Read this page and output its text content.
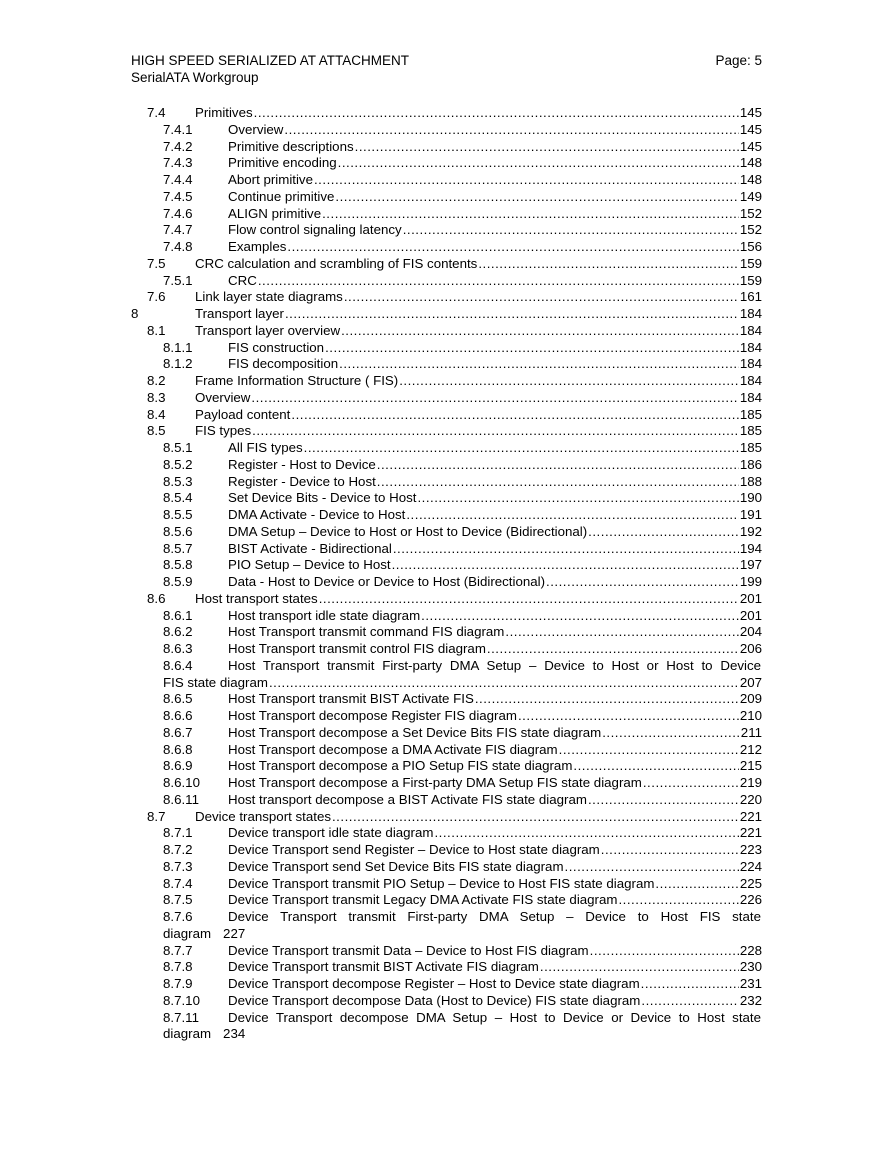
HIGH SPEED SERIALIZED AT ATTACHMENT	Page: 5
SerialATA Workgroup
7.4 Primitives .....	145
7.4.1	Overview .....	145
7.4.2	Primitive descriptions .....	145
7.4.3	Primitive encoding .....	148
7.4.4	Abort primitive .....	148
7.4.5	Continue primitive .....	149
7.4.6	ALIGN primitive .....	152
7.4.7	Flow control signaling latency .....	152
7.4.8	Examples .....	156
7.5 CRC calculation and scrambling of FIS contents .....	159
7.5.1	CRC .....	159
7.6 Link layer state diagrams .....	161
8	Transport layer .....	184
8.1 Transport layer overview .....	184
8.1.1	FIS construction .....	184
8.1.2	FIS decomposition .....	184
8.2 Frame Information Structure ( FIS) .....	184
8.3 Overview .....	184
8.4 Payload content .....	185
8.5 FIS types .....	185
8.5.1	All FIS types .....	185
8.5.2	Register - Host to Device .....	186
8.5.3	Register - Device to Host .....	188
8.5.4	Set Device Bits - Device to Host .....	190
8.5.5	DMA Activate - Device to Host .....	191
8.5.6	DMA Setup – Device to Host or Host to Device (Bidirectional) .....	192
8.5.7	BIST Activate - Bidirectional .....	194
8.5.8	PIO Setup – Device to Host .....	197
8.5.9	Data - Host to Device or Device to Host (Bidirectional) .....	199
8.6 Host transport states .....	201
8.6.1	Host transport idle state diagram .....	201
8.6.2	Host Transport transmit command FIS diagram .....	204
8.6.3	Host Transport transmit control FIS diagram .....	206
8.6.4	Host Transport transmit First-party DMA Setup – Device to Host or Host to Device
FIS state diagram .....	207
8.6.5	Host Transport transmit BIST Activate FIS .....	209
8.6.6	Host Transport decompose Register FIS diagram .....	210
8.6.7	Host Transport decompose a Set Device Bits FIS state diagram .....	211
8.6.8	Host Transport decompose a DMA Activate FIS diagram .....	212
8.6.9	Host Transport decompose a PIO Setup FIS state diagram .....	215
8.6.10 Host Transport decompose a First-party DMA Setup FIS state diagram .....	219
8.6.11 Host transport decompose a BIST Activate FIS state diagram .....	220
8.7 Device transport states .....	221
8.7.1	Device transport idle state diagram .....	221
8.7.2	Device Transport send Register – Device to Host state diagram .....	223
8.7.3	Device Transport send Set Device Bits FIS state diagram .....	224
8.7.4	Device Transport transmit PIO Setup – Device to Host FIS state diagram .....	225
8.7.5	Device Transport transmit Legacy DMA Activate FIS state diagram .....	226
8.7.6	Device Transport transmit First-party DMA Setup – Device to Host FIS state
diagram 227
8.7.7	Device Transport transmit Data – Device to Host FIS diagram .....	228
8.7.8	Device Transport transmit BIST Activate FIS diagram .....	230
8.7.9	Device Transport decompose Register – Host to Device state diagram .....	231
8.7.10 Device Transport decompose Data (Host to Device) FIS state diagram .....	232
8.7.11 Device Transport decompose DMA Setup – Host to Device or Device to Host state
diagram 234
